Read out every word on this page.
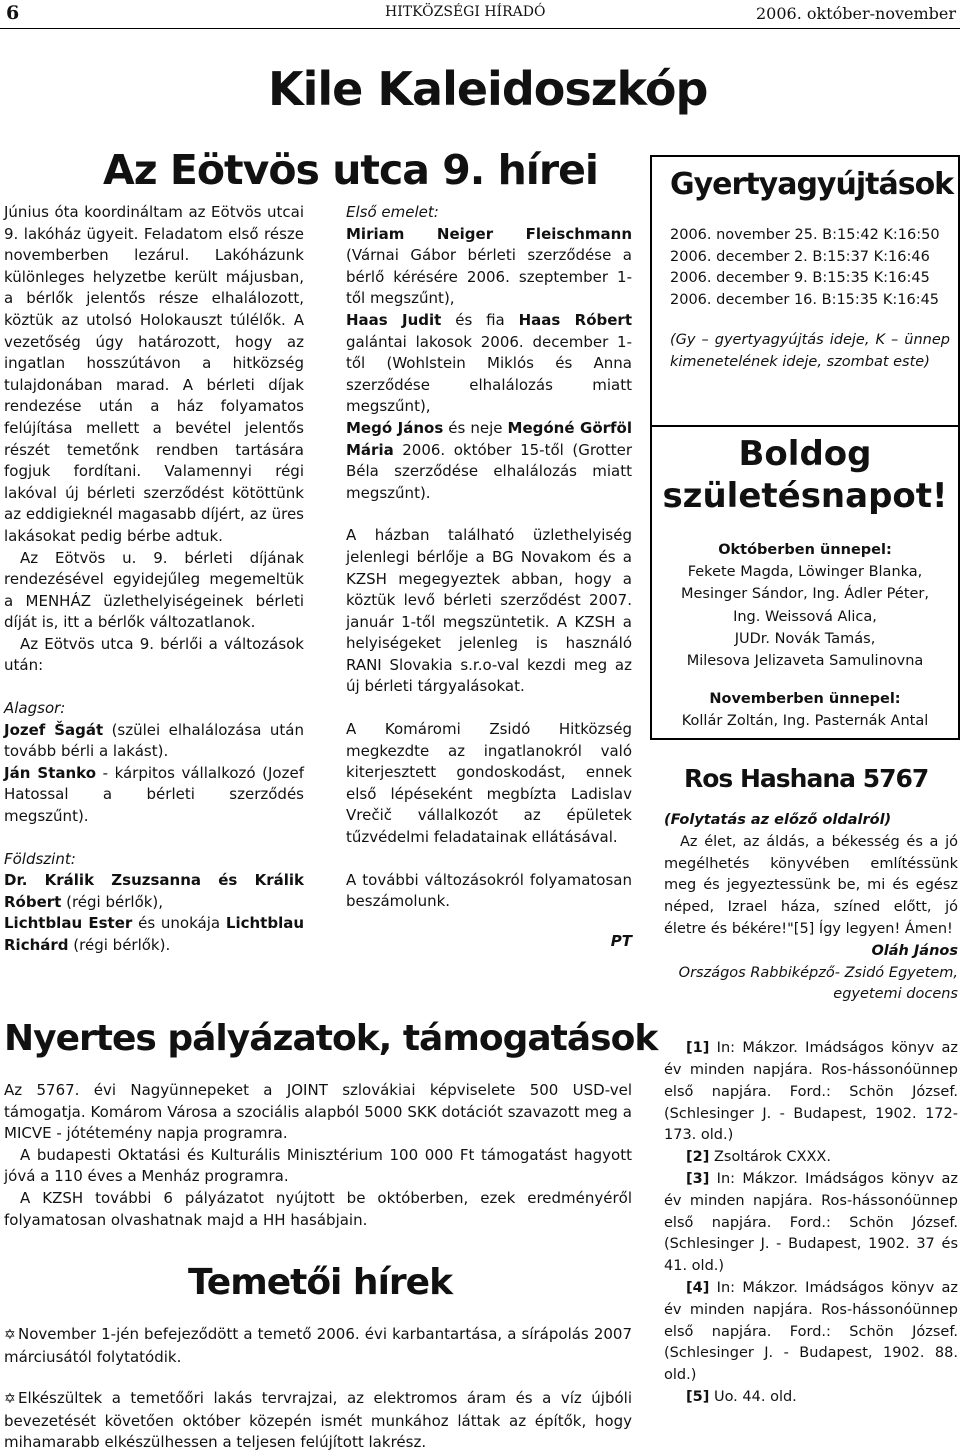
6	HITKÖZSÉGI HÍRADÓ	2006. október-november
Kile Kaleidoszkóp
Az Eötvös utca 9. hírei

Június óta koordináltam az Eötvös utcai 9. lakóház ügyeit. Feladatom első része novemberben lezárul. Lakóházunk különleges helyzetbe került májusban, a bérlők jelentős része elhalálozott, köztük az utolsó Holokauszt túlélők. A vezetőség úgy határozott, hogy az ingatlan hosszútávon a hitközség tulajdonában marad. A bérleti díjak rendezése után a ház folyamatos felújítása mellett a bevétel jelentős részét temetőnk rendben tartására fogjuk fordítani. Valamennyi régi lakóval új bérleti szerződést kötöttünk az eddigieknél magasabb díjért, az üres lakásokat pedig bérbe adtuk.

Az Eötvös u. 9. bérleti díjának rendezésével egyidejűleg megemeltük a MENHÁZ üzlethelyiségeinek bérleti díját is, itt a bérlők változatlanok.

Az Eötvös utca 9. bérlői a változások után:

Alagsor:

Jozef Šagát (szülei elhalálozása után tovább bérli a lakást).

Ján Stanko - kárpitos vállalkozó (Jozef Hatossal a bérleti szerződés megszűnt).

Földszint:

Dr. Králik Zsuzsanna és Králik Róbert (régi bérlők),

Lichtblau Ester és unokája Lichtblau Richárd (régi bérlők).

Első emelet:

Miriam Neiger Fleischmann (Várnai Gábor bérleti szerződése a bérlő kérésére 2006. szeptember 1-től megszűnt),

Haas Judit és fia Haas Róbert galántai lakosok 2006. december 1-től (Wohlstein Miklós és Anna szerződése elhalálozás miatt megszűnt),

Megó János és neje Megóné Görföl Mária 2006. október 15-től (Grotter Béla szerződése elhalálozás miatt megszűnt).

A házban található üzlethelyiség jelenlegi bérlője a BG Novakom és a KZSH megegyeztek abban, hogy a köztük levő bérleti szerződést 2007. január 1-től megszüntetik. A KZSH a helyiségeket jelenleg is használó RANI Slovakia s.r.o-val kezdi meg az új bérleti tárgyalásokat.

A Komáromi Zsidó Hitközség megkezdte az ingatlanokról való kiterjesztett gondoskodást, ennek első lépéseként megbízta Ladislav Vrečič vállalkozót az épületek tűzvédelmi feladatainak ellátásával.

A további változásokról folyamatosan beszámolunk.

PT

Gyertyagyújtások
2006. november 25. B:15:42 K:16:50
2006. december 2. B:15:37 K:16:46
2006. december 9. B:15:35 K:16:45
2006. december 16. B:15:35 K:16:45
(Gy – gyertyagyújtás ideje, K – ünnep kimenetelének ideje, szombat este)
Boldog születésnapot!
Októberben ünnepel:
Fekete Magda, Löwinger Blanka,
Mesinger Sándor, Ing. Ádler Péter,
Ing. Weissová Alica,
JUDr. Novák Tamás,
Milesova Jelizaveta Samulinovna
Novemberben ünnepel:
Kollár Zoltán, Ing. Pasternák Antal
Ros Hashana 5767

(Folytatás az előző oldalról)

Az élet, az áldás, a békesség és a jó megélhetés könyvében említéssünk meg és jegyeztessünk be, mi és egész néped, Izrael háza, színed előtt, jó életre és békére!"[5] Így legyen! Ámen!

Oláh János

Országos Rabbiképző- Zsidó Egyetem, egyetemi docens

[1] In: Mákzor. Imádságos könyv az év minden napjára. Ros-hássonóünnep első napjára. Ford.: Schön József. (Schlesinger J. - Budapest, 1902. 172-173. old.)

[2] Zsoltárok CXXX.

[3] In: Mákzor. Imádságos könyv az év minden napjára. Ros-hássonóünnep első napjára. Ford.: Schön József. (Schlesinger J. - Budapest, 1902. 37 és 41. old.)

[4] In: Mákzor. Imádságos könyv az év minden napjára. Ros-hássonóünnep első napjára. Ford.: Schön József. (Schlesinger J. - Budapest, 1902. 88. old.)

[5] Uo. 44. old.

Nyertes pályázatok, támogatások

Az 5767. évi Nagyünnepeket a JOINT szlovákiai képviselete 500 USD-vel támogatja. Komárom Városa a szociális alapból 5000 SKK dotációt szavazott meg a MICVE - jótétemény napja programra.

A budapesti Oktatási és Kulturális Minisztérium 100 000 Ft támogatást hagyott jóvá a 110 éves a Menház programra.

A KZSH további 6 pályázatot nyújtott be októberben, ezek eredményéről folyamatosan olvashatnak majd a HH hasábjain.

Temetői hírek

✡ November 1-jén befejeződött a temető 2006. évi karbantartása, a sírápolás 2007 márciusától folytatódik.

✡ Elkészültek a temetőőri lakás tervrajzai, az elektromos áram és a víz újbóli bevezetését követően október közepén ismét munkához láttak az építők, hogy mihamarabb elkészülhessen a teljesen felújított lakrész.
